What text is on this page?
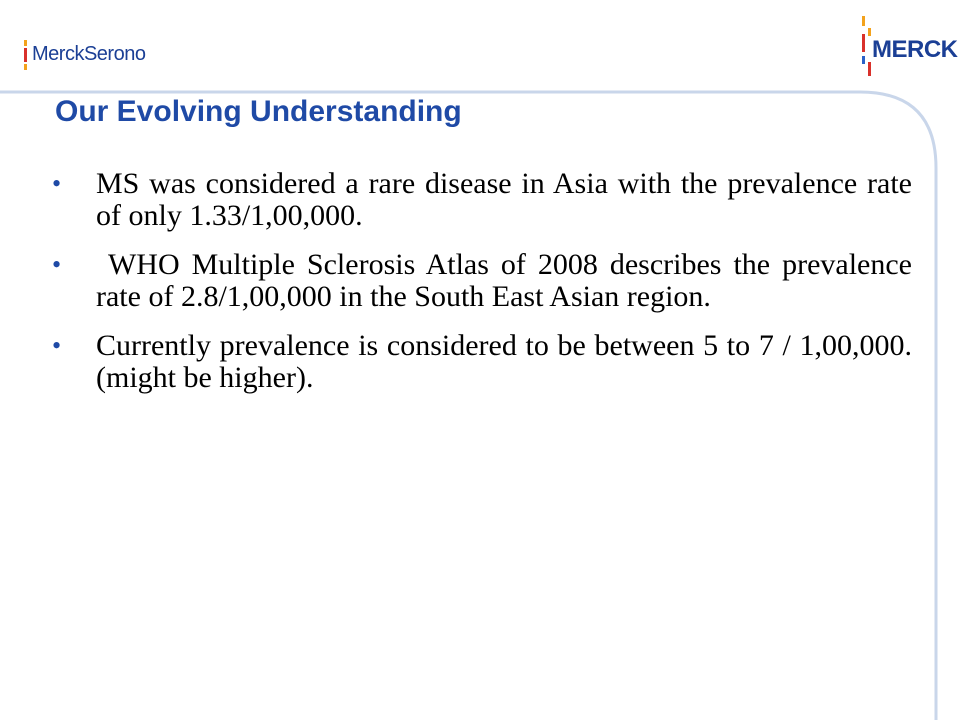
MerckSerono	MERCK
Our Evolving Understanding
•	MS was considered a rare disease in Asia with the prevalence rate of only 1.33/1,00,000.
•	WHO Multiple Sclerosis Atlas of 2008 describes the prevalence rate of 2.8/1,00,000 in the South East Asian region.
•	Currently prevalence is considered to be between 5 to 7 / 1,00,000. (might be higher).
